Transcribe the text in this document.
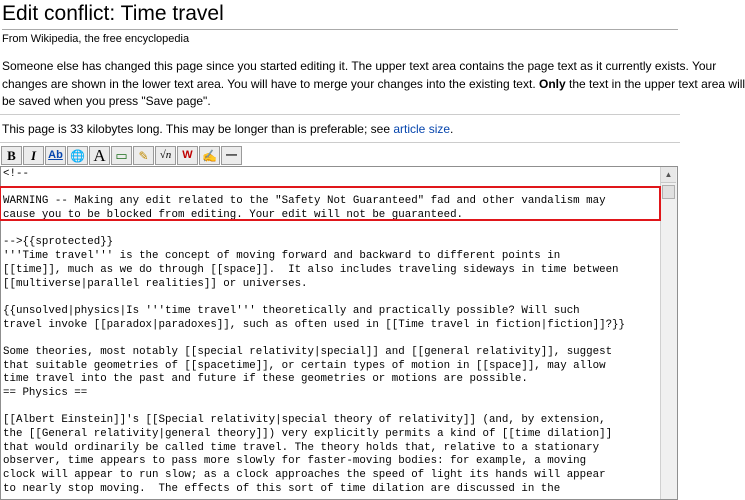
Edit conflict: Time travel
From Wikipedia, the free encyclopedia

Someone else has changed this page since you started editing it. The upper text area contains the page text as it currently exists. Your

changes are shown in the lower text area. You will have to merge your changes into the existing text. Only the text in the upper text area will

be saved when you press "Save page".

This page is 33 kilobytes long. This may be longer than is preferable; see article size.
B	I	Ab 🌐 A ▭ ✎	√n	W ✍ —
<!--
WARNING -- Making any edit related to the "Safety Not Guaranteed" fad and other vandalism may
cause you to be blocked from editing. Your edit will not be guaranteed.
-->{{sprotected}}
'''Time travel''' is the concept of moving forward and backward to different points in
[[time]], much as we do through [[space]].  It also includes traveling sideways in time between
[[multiverse|parallel realities]] or universes.
{{unsolved|physics|Is '''time travel''' theoretically and practically possible? Will such
travel invoke [[paradox|paradoxes]], such as often used in [[Time travel in fiction|fiction]]?}}
Some theories, most notably [[special relativity|special]] and [[general relativity]], suggest
that suitable geometries of [[spacetime]], or certain types of motion in [[space]], may allow
time travel into the past and future if these geometries or motions are possible.
== Physics ==
[[Albert Einstein]]'s [[Special relativity|special theory of relativity]] (and, by extension,
the [[General relativity|general theory]]) very explicitly permits a kind of [[time dilation]]
that would ordinarily be called time travel. The theory holds that, relative to a stationary
observer, time appears to pass more slowly for faster-moving bodies: for example, a moving
clock will appear to run slow; as a clock approaches the speed of light its hands will appear
to nearly stop moving.  The effects of this sort of time dilation are discussed in the
▲
